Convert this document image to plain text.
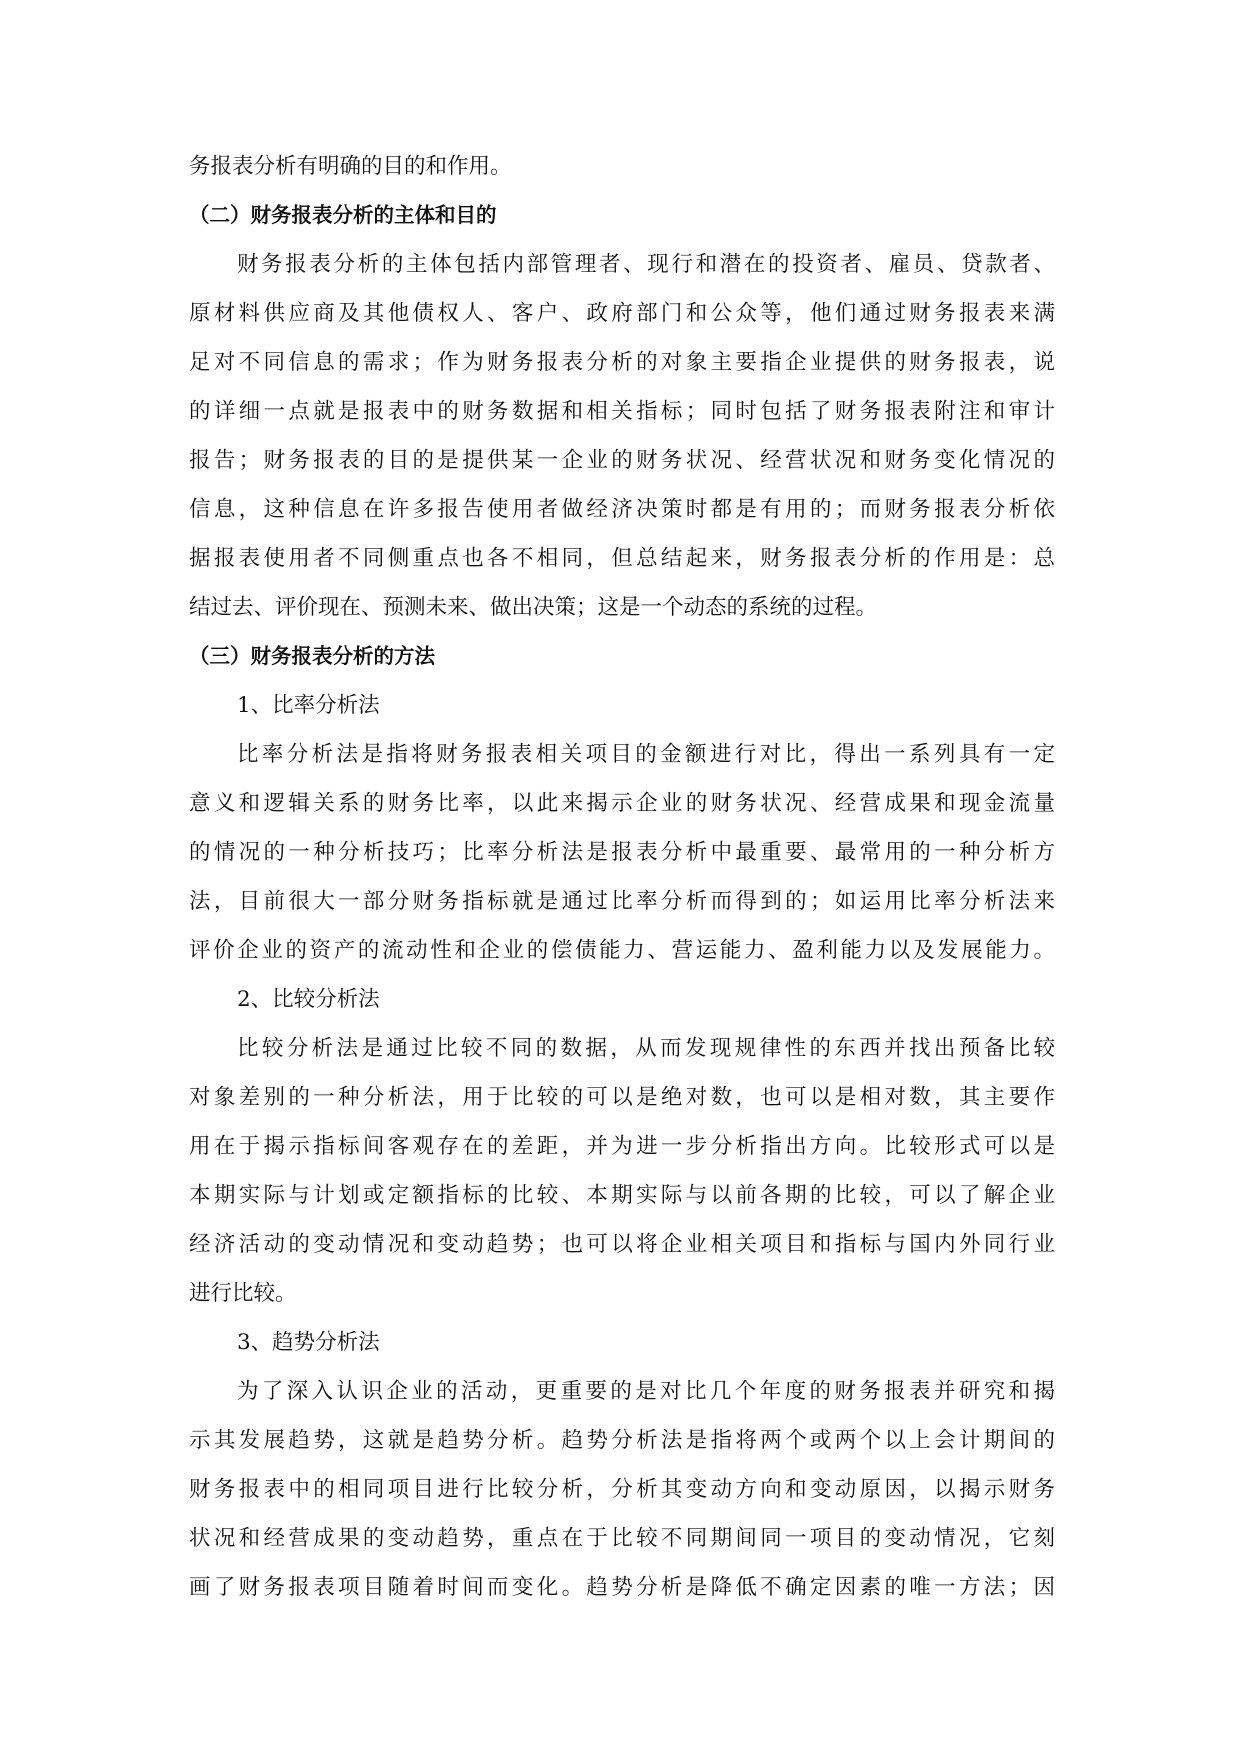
务报表分析有明确的目的和作用。
（二）财务报表分析的主体和目的
财务报表分析的主体包括内部管理者、现行和潜在的投资者、雇员、贷款者、
原材料供应商及其他债权人、客户、政府部门和公众等，他们通过财务报表来满
足对不同信息的需求；作为财务报表分析的对象主要指企业提供的财务报表，说
的详细一点就是报表中的财务数据和相关指标；同时包括了财务报表附注和审计
报告；财务报表的目的是提供某一企业的财务状况、经营状况和财务变化情况的
信息，这种信息在许多报告使用者做经济决策时都是有用的；而财务报表分析依
据报表使用者不同侧重点也各不相同，但总结起来，财务报表分析的作用是：总
结过去、评价现在、预测未来、做出决策；这是一个动态的系统的过程。
（三）财务报表分析的方法
1、比率分析法
比率分析法是指将财务报表相关项目的金额进行对比，得出一系列具有一定
意义和逻辑关系的财务比率，以此来揭示企业的财务状况、经营成果和现金流量
的情况的一种分析技巧；比率分析法是报表分析中最重要、最常用的一种分析方
法，目前很大一部分财务指标就是通过比率分析而得到的；如运用比率分析法来
评价企业的资产的流动性和企业的偿债能力、营运能力、盈利能力以及发展能力。
2、比较分析法
比较分析法是通过比较不同的数据，从而发现规律性的东西并找出预备比较
对象差别的一种分析法，用于比较的可以是绝对数，也可以是相对数，其主要作
用在于揭示指标间客观存在的差距，并为进一步分析指出方向。比较形式可以是
本期实际与计划或定额指标的比较、本期实际与以前各期的比较，可以了解企业
经济活动的变动情况和变动趋势；也可以将企业相关项目和指标与国内外同行业
进行比较。
3、趋势分析法
为了深入认识企业的活动，更重要的是对比几个年度的财务报表并研究和揭
示其发展趋势，这就是趋势分析。趋势分析法是指将两个或两个以上会计期间的
财务报表中的相同项目进行比较分析，分析其变动方向和变动原因，以揭示财务
状况和经营成果的变动趋势，重点在于比较不同期间同一项目的变动情况，它刻
画了财务报表项目随着时间而变化。趋势分析是降低不确定因素的唯一方法；因
